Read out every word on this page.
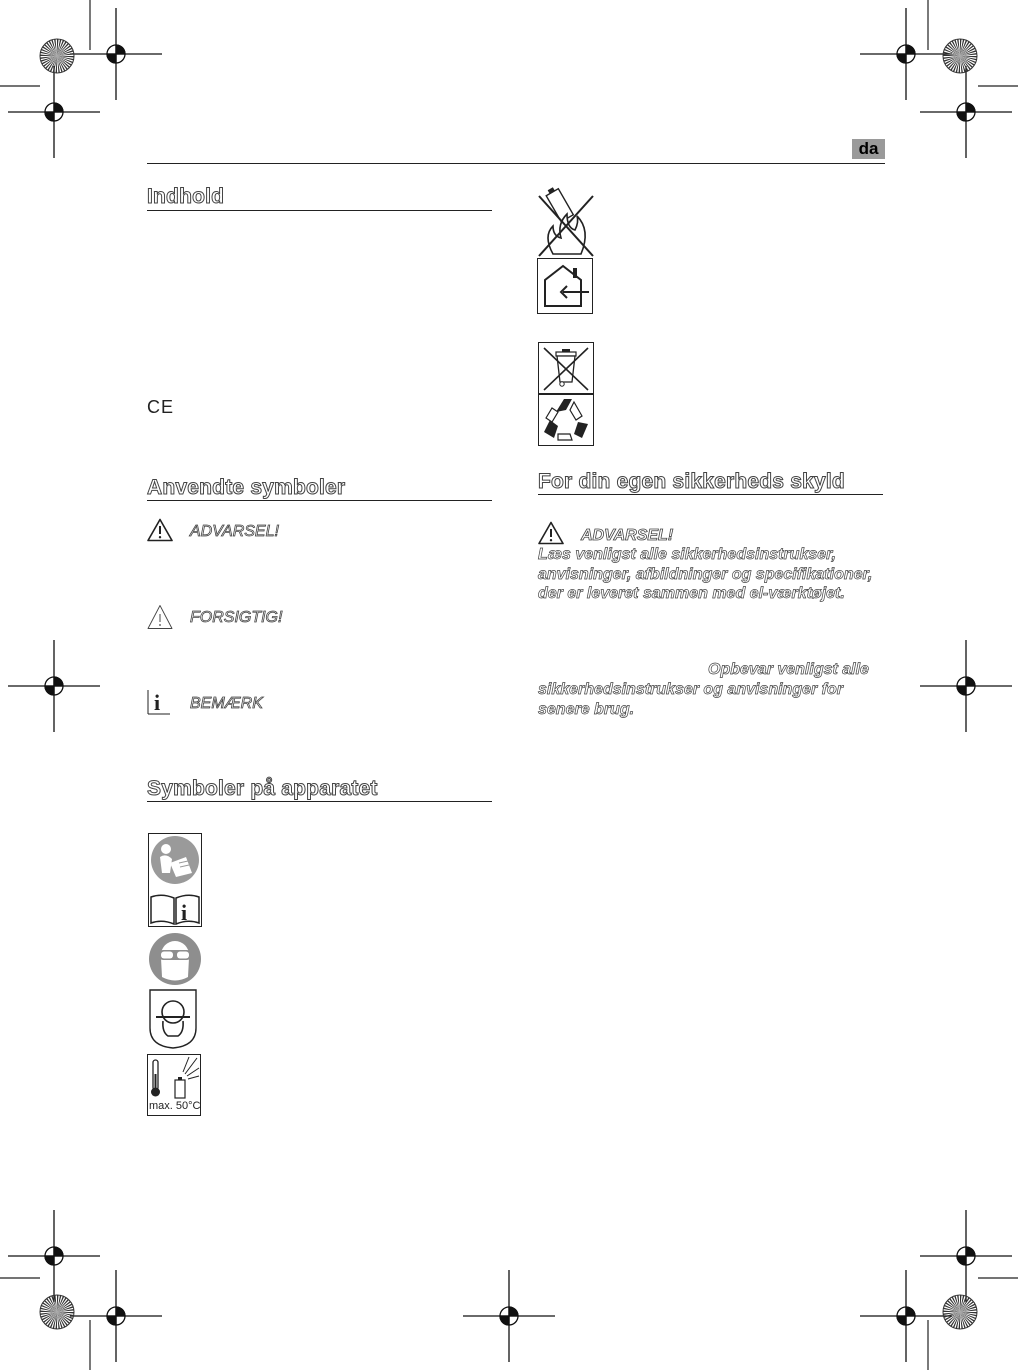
da
Indhold
CE
Anvendte symboler
ADVARSEL!
FORSIGTIG!
i BEMÆRK
Symboler på apparatet
i
max. 50°C
For din egen sikkerheds skyld
ADVARSEL!
Læs venligst alle sikkerhedsinstrukser, anvisninger, afbildninger og specifikationer, der er leveret sammen med el-værktøjet.
Opbevar venligst alle
sikkerhedsinstrukser og anvisninger for senere brug.
